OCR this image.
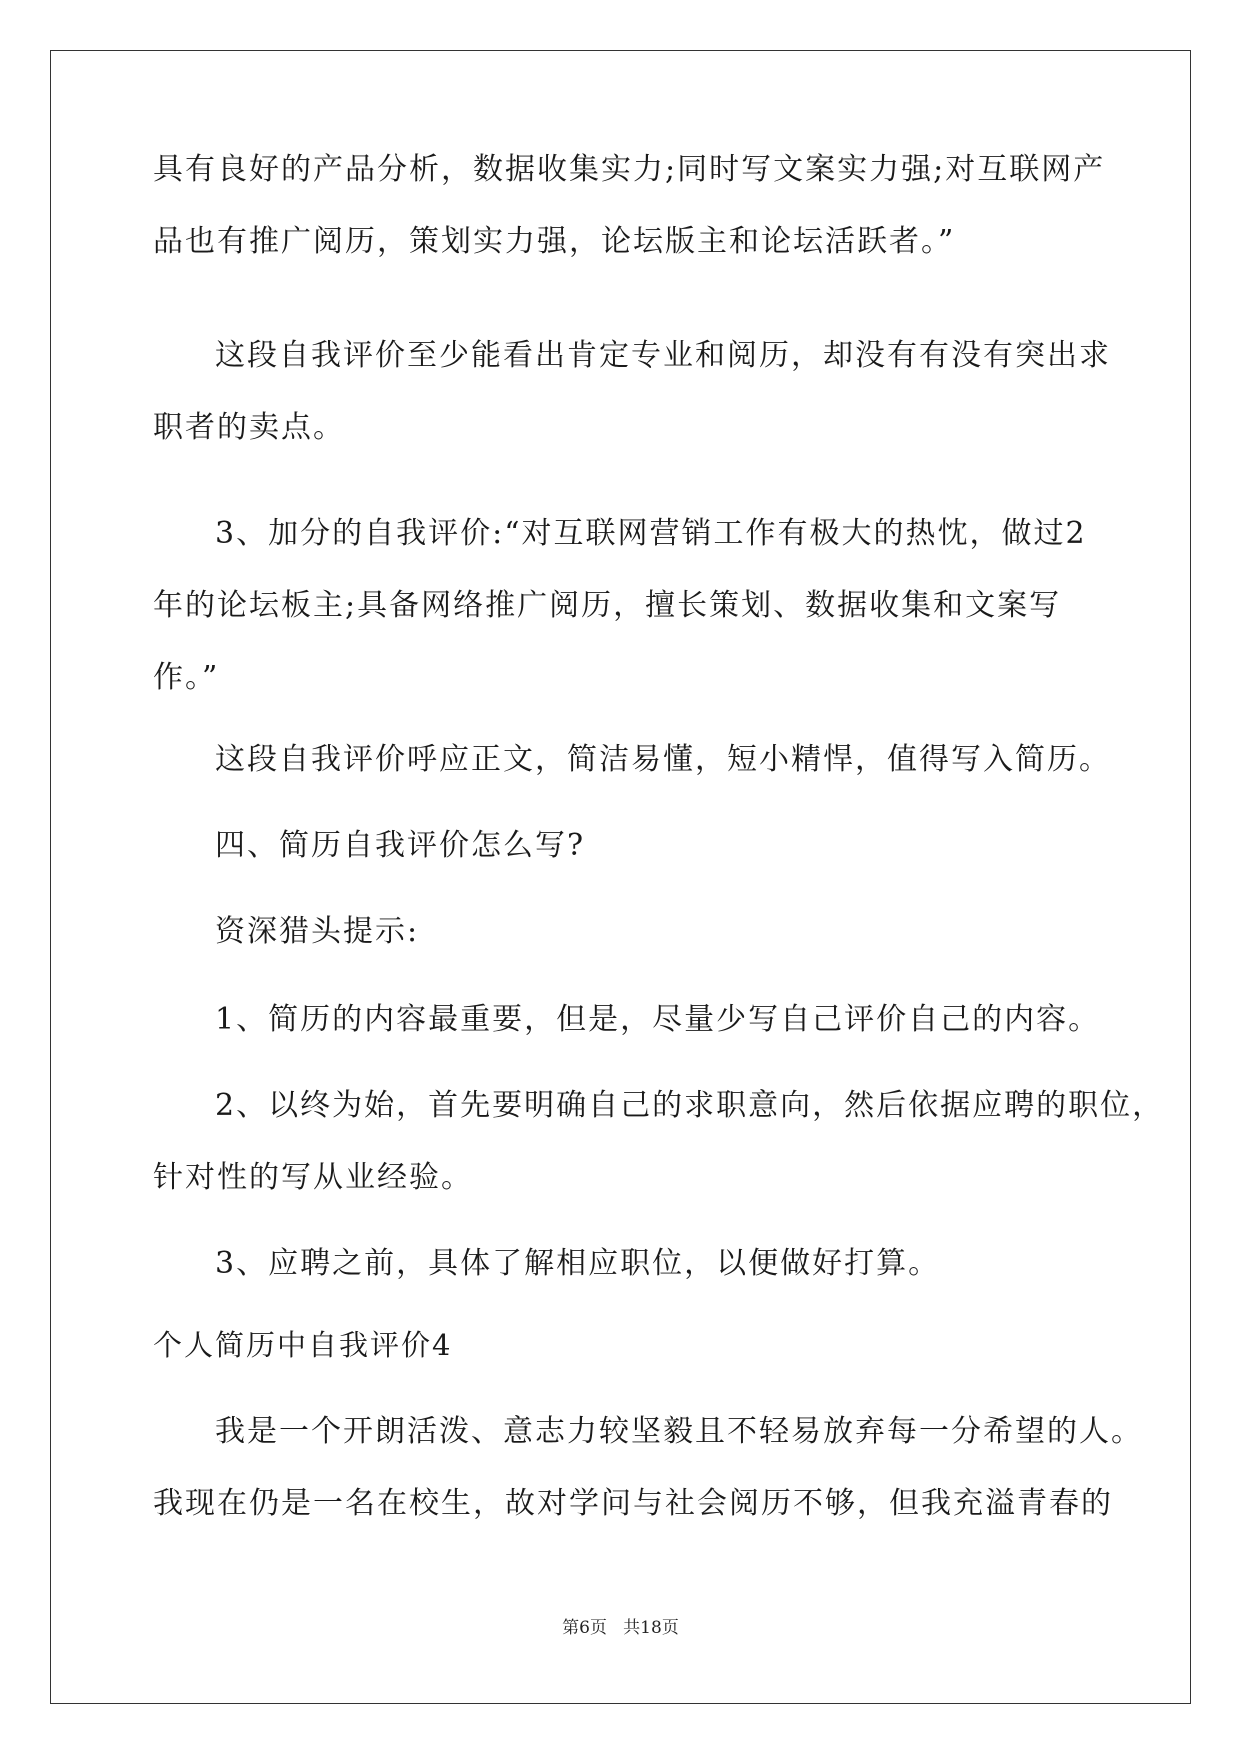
具有良好的产品分析，数据收集实力;同时写文案实力强;对互联网产
品也有推广阅历，策划实力强，论坛版主和论坛活跃者。”
这段自我评价至少能看出肯定专业和阅历，却没有有没有突出求
职者的卖点。
3、加分的自我评价:“对互联网营销工作有极大的热忱，做过2
年的论坛板主;具备网络推广阅历，擅长策划、数据收集和文案写
作。”
这段自我评价呼应正文，简洁易懂，短小精悍，值得写入简历。
四、简历自我评价怎么写?
资深猎头提示:
1、简历的内容最重要，但是，尽量少写自己评价自己的内容。
2、以终为始，首先要明确自己的求职意向，然后依据应聘的职位，
针对性的写从业经验。
3、应聘之前，具体了解相应职位，以便做好打算。
个人简历中自我评价4
我是一个开朗活泼、意志力较坚毅且不轻易放弃每一分希望的人。
我现在仍是一名在校生，故对学问与社会阅历不够，但我充溢青春的
第6页   共18页
